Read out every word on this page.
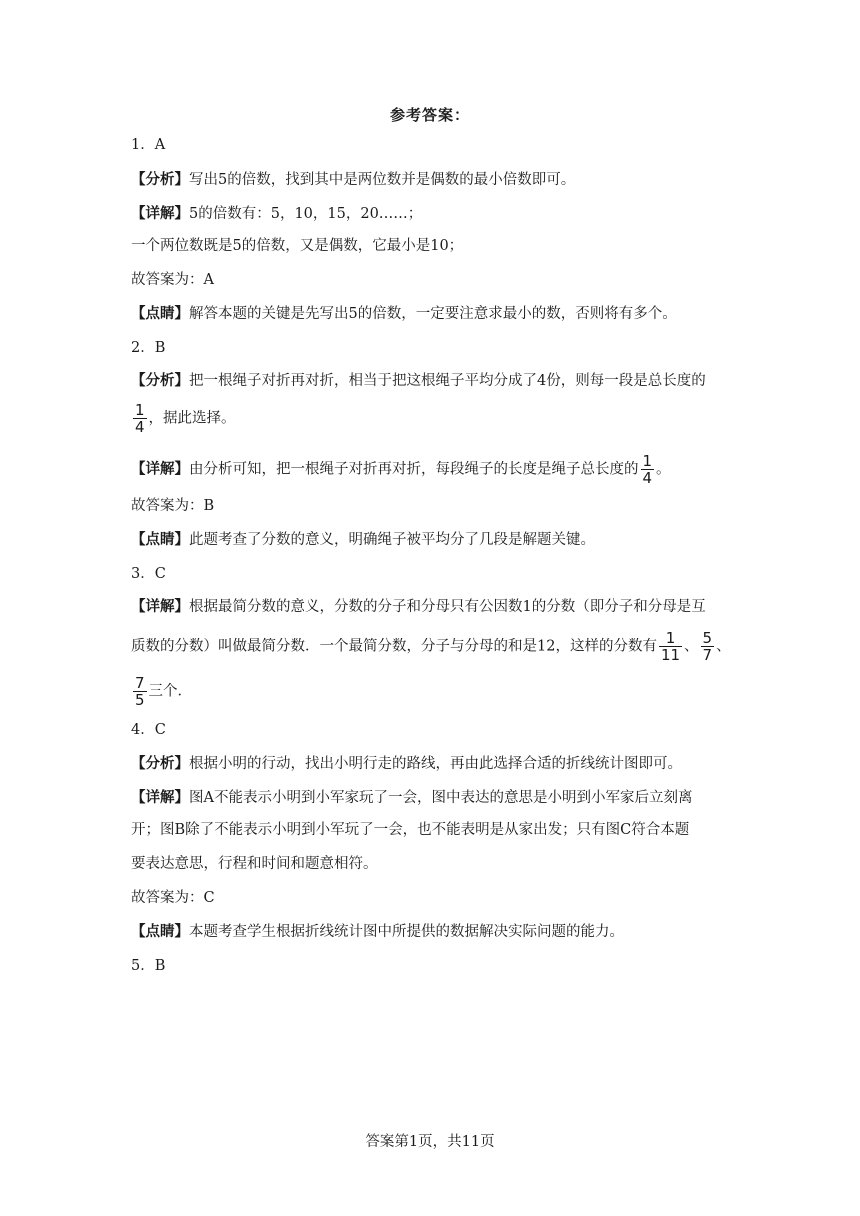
参考答案：
1．A
【分析】写出5的倍数，找到其中是两位数并是偶数的最小倍数即可。
【详解】5的倍数有：5，10，15，20……；
一个两位数既是5的倍数，又是偶数，它最小是10；
故答案为：A
【点睛】解答本题的关键是先写出5的倍数，一定要注意求最小的数，否则将有多个。
2．B
【分析】把一根绳子对折再对折，相当于把这根绳子平均分成了4份，则每一段是总长度的
$\frac{1}{4}$ ，据此选择。
【详解】由分析可知，把一根绳子对折再对折，每段绳子的长度是绳子总长度的 $\frac{1}{4}$ 。
故答案为：B
【点睛】此题考查了分数的意义，明确绳子被平均分了几段是解题关键。
3．C
【详解】根据最简分数的意义，分数的分子和分母只有公因数1的分数（即分子和分母是互
质数的分数）叫做最简分数．一个最简分数，分子与分母的和是12，这样的分数有 $\frac{1}{11}$ 、 $\frac{5}{7}$ 、
$\frac{7}{5}$ 三个．
4．C
【分析】根据小明的行动，找出小明行走的路线，再由此选择合适的折线统计图即可。
【详解】图A不能表示小明到小军家玩了一会，图中表达的意思是小明到小军家后立刻离
开；图B除了不能表示小明到小军玩了一会，也不能表明是从家出发；只有图C符合本题
要表达意思，行程和时间和题意相符。
故答案为：C
【点睛】本题考查学生根据折线统计图中所提供的数据解决实际问题的能力。
5．B
答案第1页，共11页
